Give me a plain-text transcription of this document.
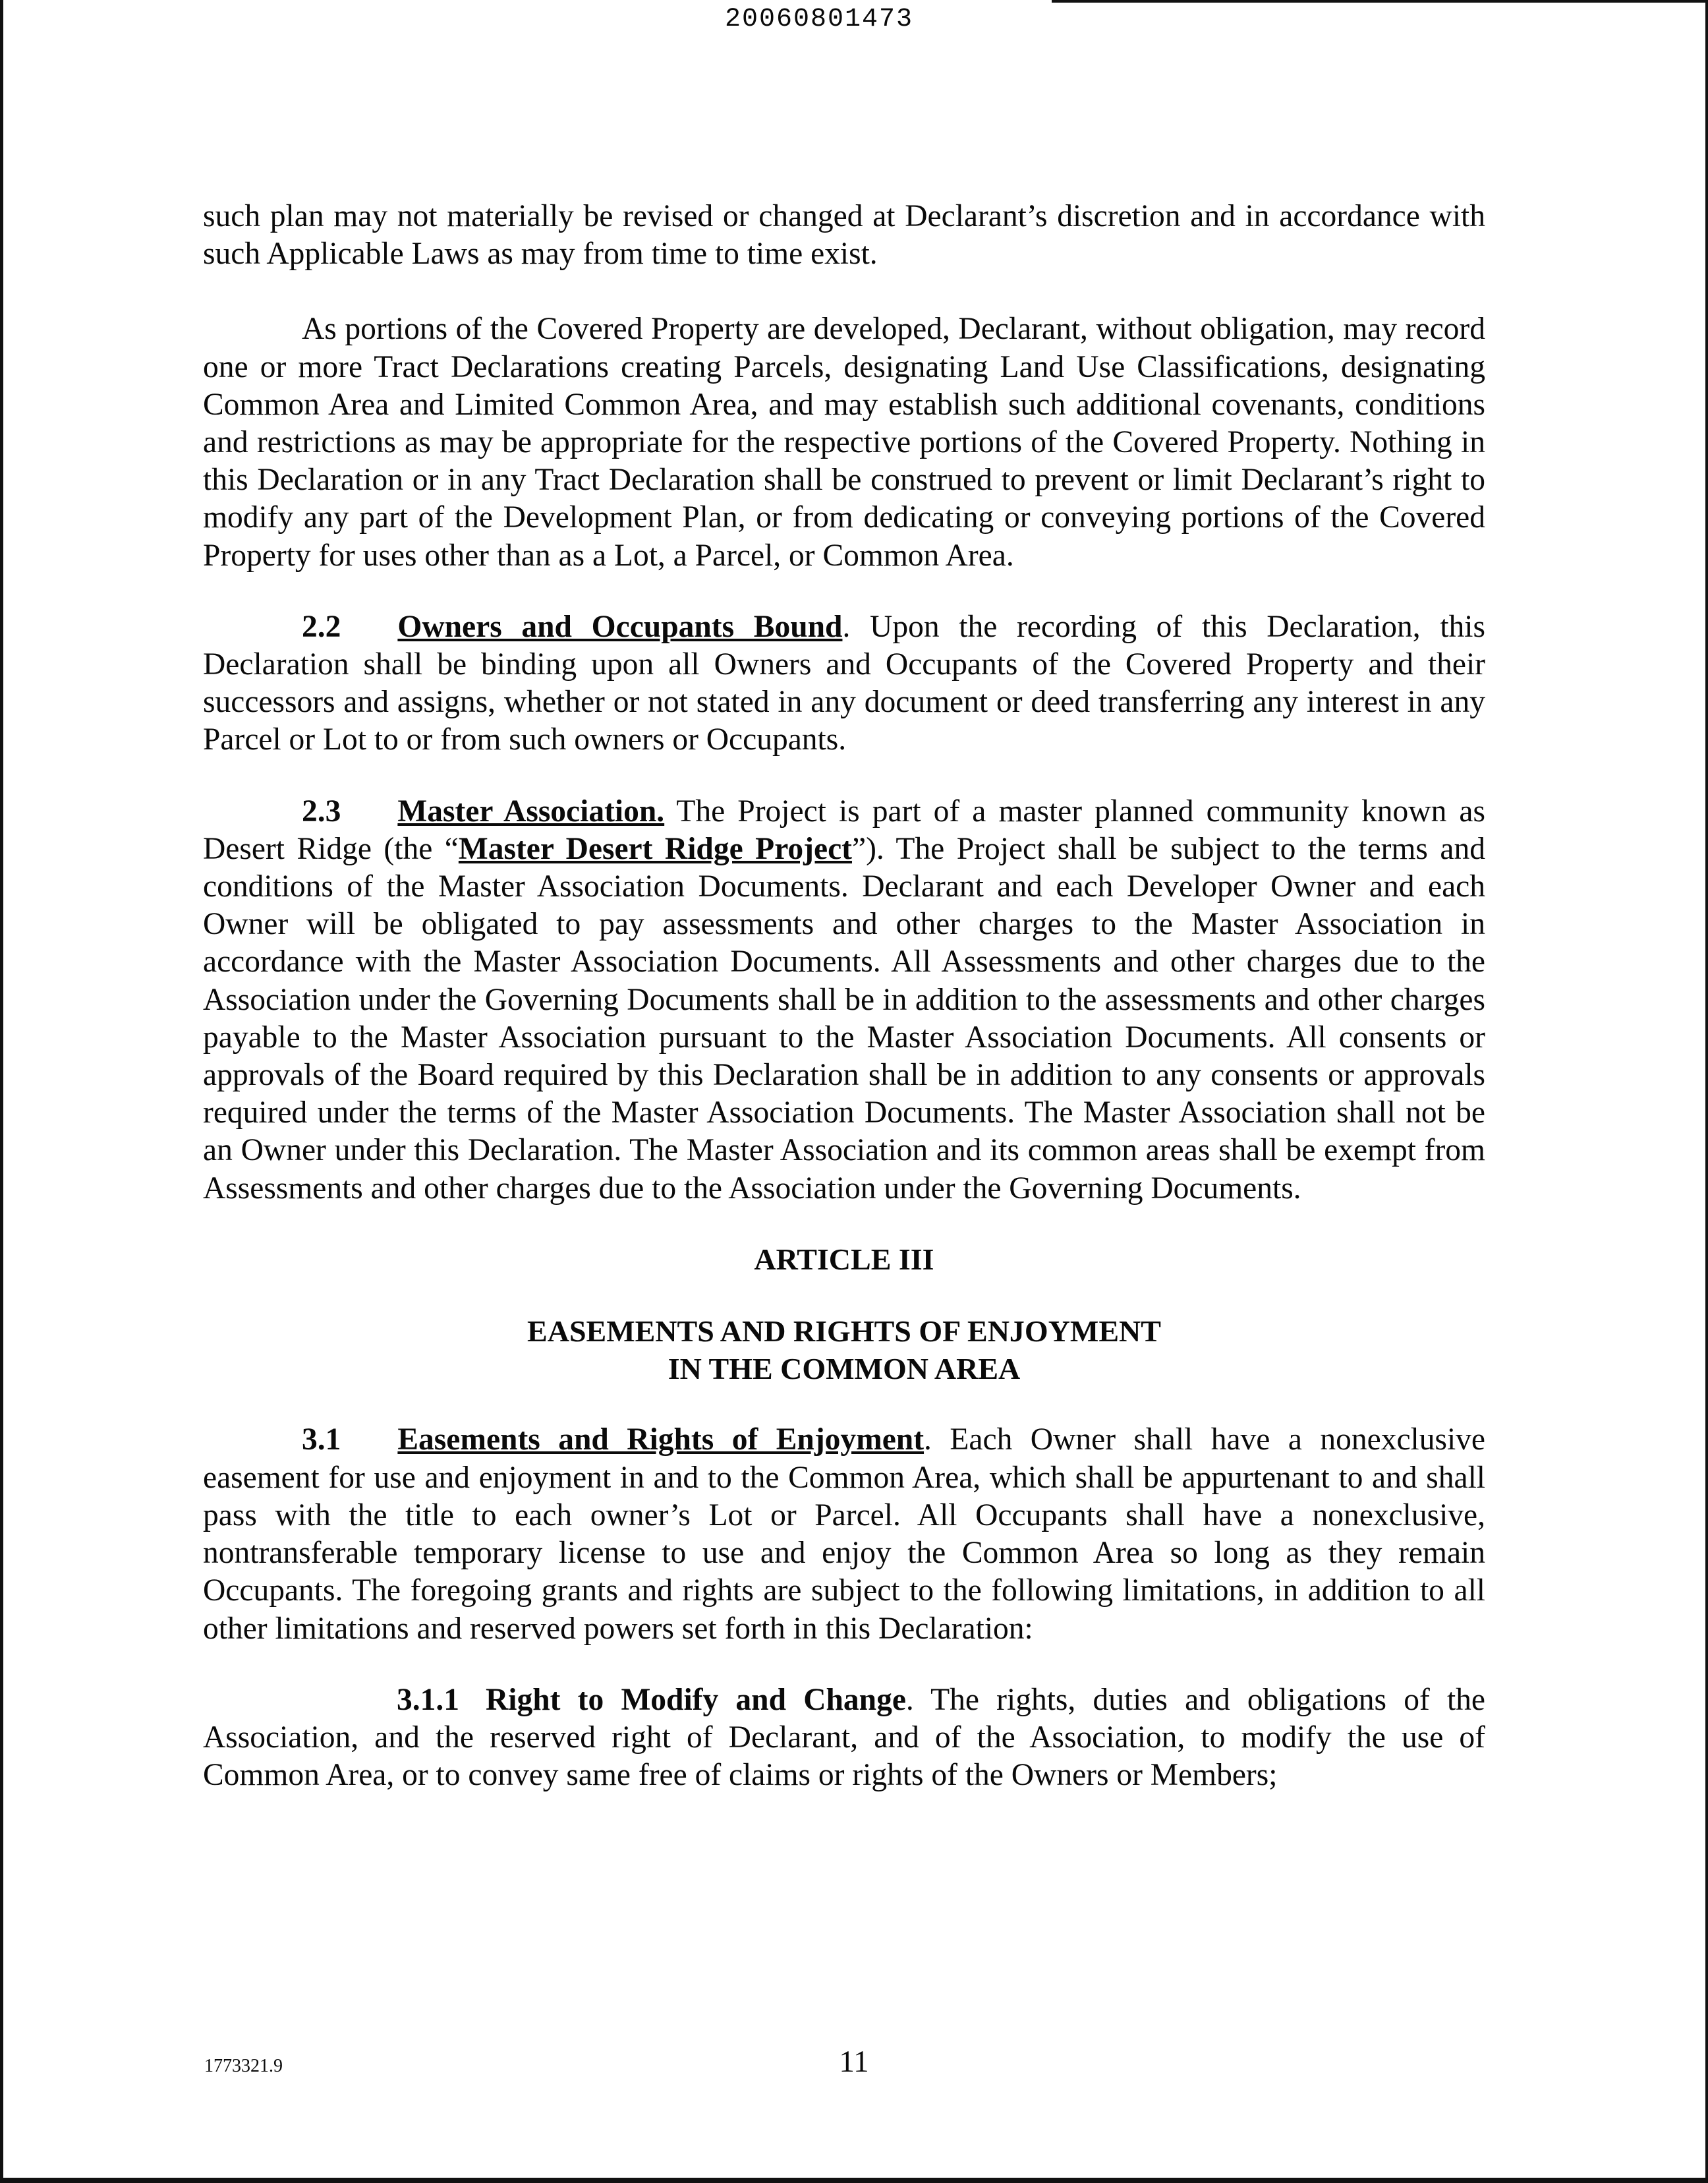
20060801473

such plan may not materially be revised or changed at Declarant’s discretion and in accordance with such Applicable Laws as may from time to time exist.

As portions of the Covered Property are developed, Declarant, without obligation, may record one or more Tract Declarations creating Parcels, designating Land Use Classifications, designating Common Area and Limited Common Area, and may establish such additional covenants, conditions and restrictions as may be appropriate for the respective portions of the Covered Property. Nothing in this Declaration or in any Tract Declaration shall be construed to prevent or limit Declarant’s right to modify any part of the Development Plan, or from dedicating or conveying portions of the Covered Property for uses other than as a Lot, a Parcel, or Common Area.

2.2 Owners and Occupants Bound. Upon the recording of this Declaration, this Declaration shall be binding upon all Owners and Occupants of the Covered Property and their successors and assigns, whether or not stated in any document or deed transferring any interest in any Parcel or Lot to or from such owners or Occupants.

2.3 Master Association. The Project is part of a master planned community known as Desert Ridge (the “Master Desert Ridge Project”). The Project shall be subject to the terms and conditions of the Master Association Documents. Declarant and each Developer Owner and each Owner will be obligated to pay assessments and other charges to the Master Association in accordance with the Master Association Documents. All Assessments and other charges due to the Association under the Governing Documents shall be in addition to the assessments and other charges payable to the Master Association pursuant to the Master Association Documents. All consents or approvals of the Board required by this Declaration shall be in addition to any consents or approvals required under the terms of the Master Association Documents. The Master Association shall not be an Owner under this Declaration. The Master Association and its common areas shall be exempt from Assessments and other charges due to the Association under the Governing Documents.

ARTICLE III

EASEMENTS AND RIGHTS OF ENJOYMENT

IN THE COMMON AREA

3.1 Easements and Rights of Enjoyment. Each Owner shall have a nonexclusive easement for use and enjoyment in and to the Common Area, which shall be appurtenant to and shall pass with the title to each owner’s Lot or Parcel. All Occupants shall have a nonexclusive, nontransferable temporary license to use and enjoy the Common Area so long as they remain Occupants. The foregoing grants and rights are subject to the following limitations, in addition to all other limitations and reserved powers set forth in this Declaration:

3.1.1 Right to Modify and Change. The rights, duties and obligations of the Association, and the reserved right of Declarant, and of the Association, to modify the use of Common Area, or to convey same free of claims or rights of the Owners or Members;

1773321.9	11
